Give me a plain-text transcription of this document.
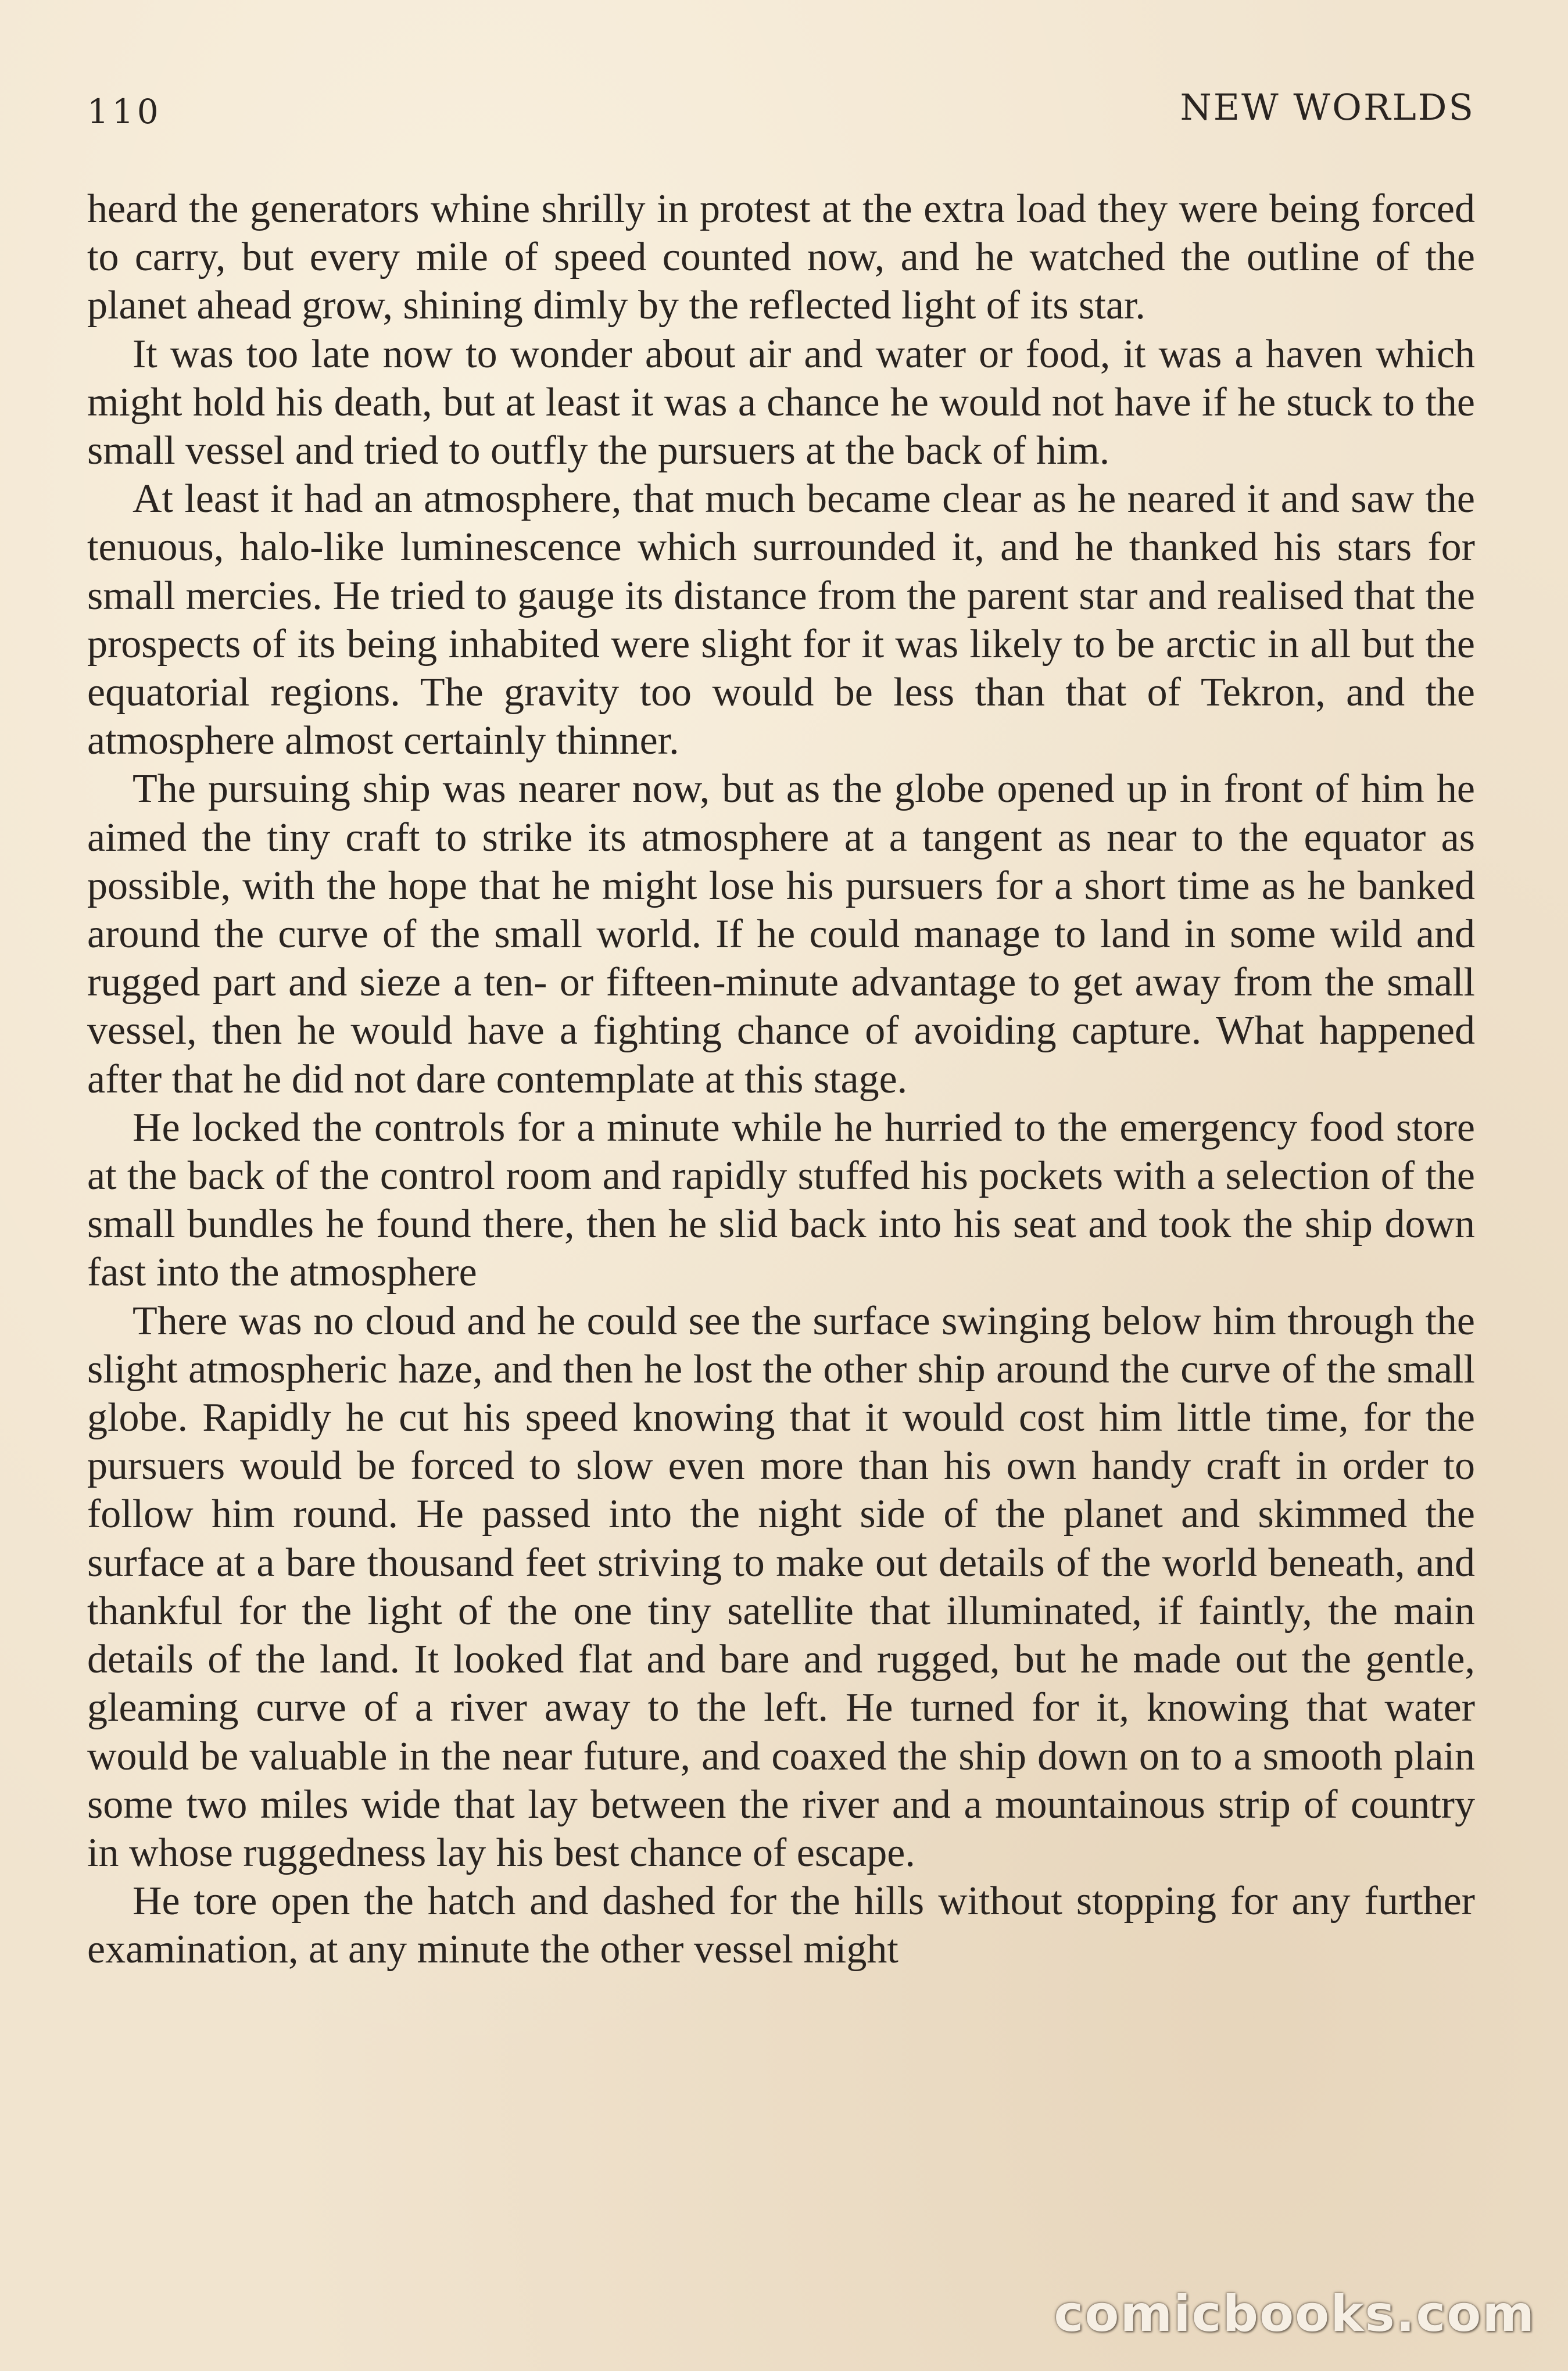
110	NEW WORLDS

heard the generators whine shrilly in protest at the extra load they were being forced to carry, but every mile of speed counted now, and he watched the outline of the planet ahead grow, shining dimly by the reflected light of its star.

It was too late now to wonder about air and water or food, it was a haven which might hold his death, but at least it was a chance he would not have if he stuck to the small vessel and tried to outfly the pursuers at the back of him.

At least it had an atmosphere, that much became clear as he neared it and saw the tenuous, halo-like luminescence which surrounded it, and he thanked his stars for small mercies. He tried to gauge its distance from the parent star and realised that the prospects of its being inhabited were slight for it was likely to be arctic in all but the equatorial regions. The gravity too would be less than that of Tekron, and the atmosphere almost certainly thinner.

The pursuing ship was nearer now, but as the globe opened up in front of him he aimed the tiny craft to strike its atmosphere at a tangent as near to the equator as possible, with the hope that he might lose his pursuers for a short time as he banked around the curve of the small world. If he could manage to land in some wild and rugged part and sieze a ten- or fifteen-minute advantage to get away from the small vessel, then he would have a fighting chance of avoiding capture. What happened after that he did not dare contemplate at this stage.

He locked the controls for a minute while he hurried to the emergency food store at the back of the control room and rapidly stuffed his pockets with a selection of the small bundles he found there, then he slid back into his seat and took the ship down fast into the atmosphere

There was no cloud and he could see the surface swinging below him through the slight atmospheric haze, and then he lost the other ship around the curve of the small globe. Rapidly he cut his speed knowing that it would cost him little time, for the pursuers would be forced to slow even more than his own handy craft in order to follow him round. He passed into the night side of the planet and skimmed the surface at a bare thousand feet striving to make out details of the world beneath, and thankful for the light of the one tiny satellite that illuminated, if faintly, the main details of the land. It looked flat and bare and rugged, but he made out the gentle, gleaming curve of a river away to the left. He turned for it, knowing that water would be valuable in the near future, and coaxed the ship down on to a smooth plain some two miles wide that lay between the river and a mountainous strip of country in whose ruggedness lay his best chance of escape.

He tore open the hatch and dashed for the hills without stopping for any further examination, at any minute the other vessel might

comicbooks.com
